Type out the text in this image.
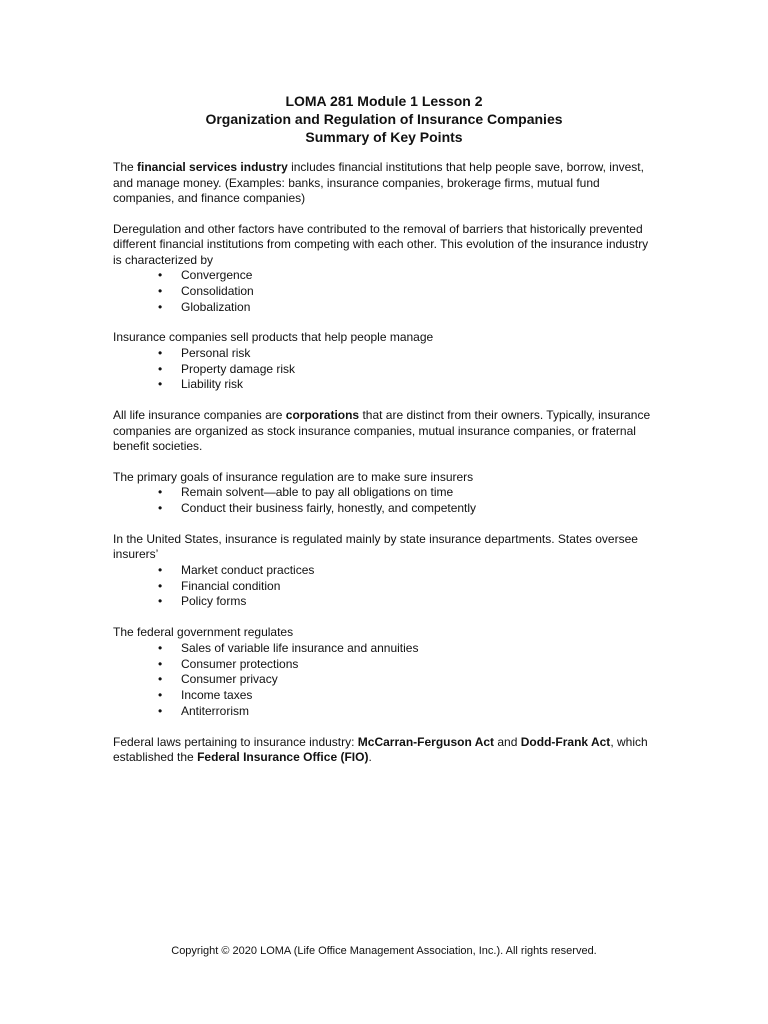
LOMA 281 Module 1 Lesson 2
Organization and Regulation of Insurance Companies
Summary of Key Points

The financial services industry includes financial institutions that help people save, borrow, invest, and manage money. (Examples: banks, insurance companies, brokerage firms, mutual fund companies, and finance companies)

Deregulation and other factors have contributed to the removal of barriers that historically prevented different financial institutions from competing with each other. This evolution of the insurance industry is characterized by

• Convergence
• Consolidation
• Globalization

Insurance companies sell products that help people manage

• Personal risk
• Property damage risk
• Liability risk

All life insurance companies are corporations that are distinct from their owners. Typically, insurance companies are organized as stock insurance companies, mutual insurance companies, or fraternal benefit societies.

The primary goals of insurance regulation are to make sure insurers

• Remain solvent—able to pay all obligations on time
• Conduct their business fairly, honestly, and competently

In the United States, insurance is regulated mainly by state insurance departments. States oversee insurers’

• Market conduct practices
• Financial condition
• Policy forms

The federal government regulates

• Sales of variable life insurance and annuities
• Consumer protections
• Consumer privacy
• Income taxes
• Antiterrorism

Federal laws pertaining to insurance industry: McCarran-Ferguson Act and Dodd-Frank Act, which established the Federal Insurance Office (FIO).

Copyright © 2020 LOMA (Life Office Management Association, Inc.). All rights reserved.
